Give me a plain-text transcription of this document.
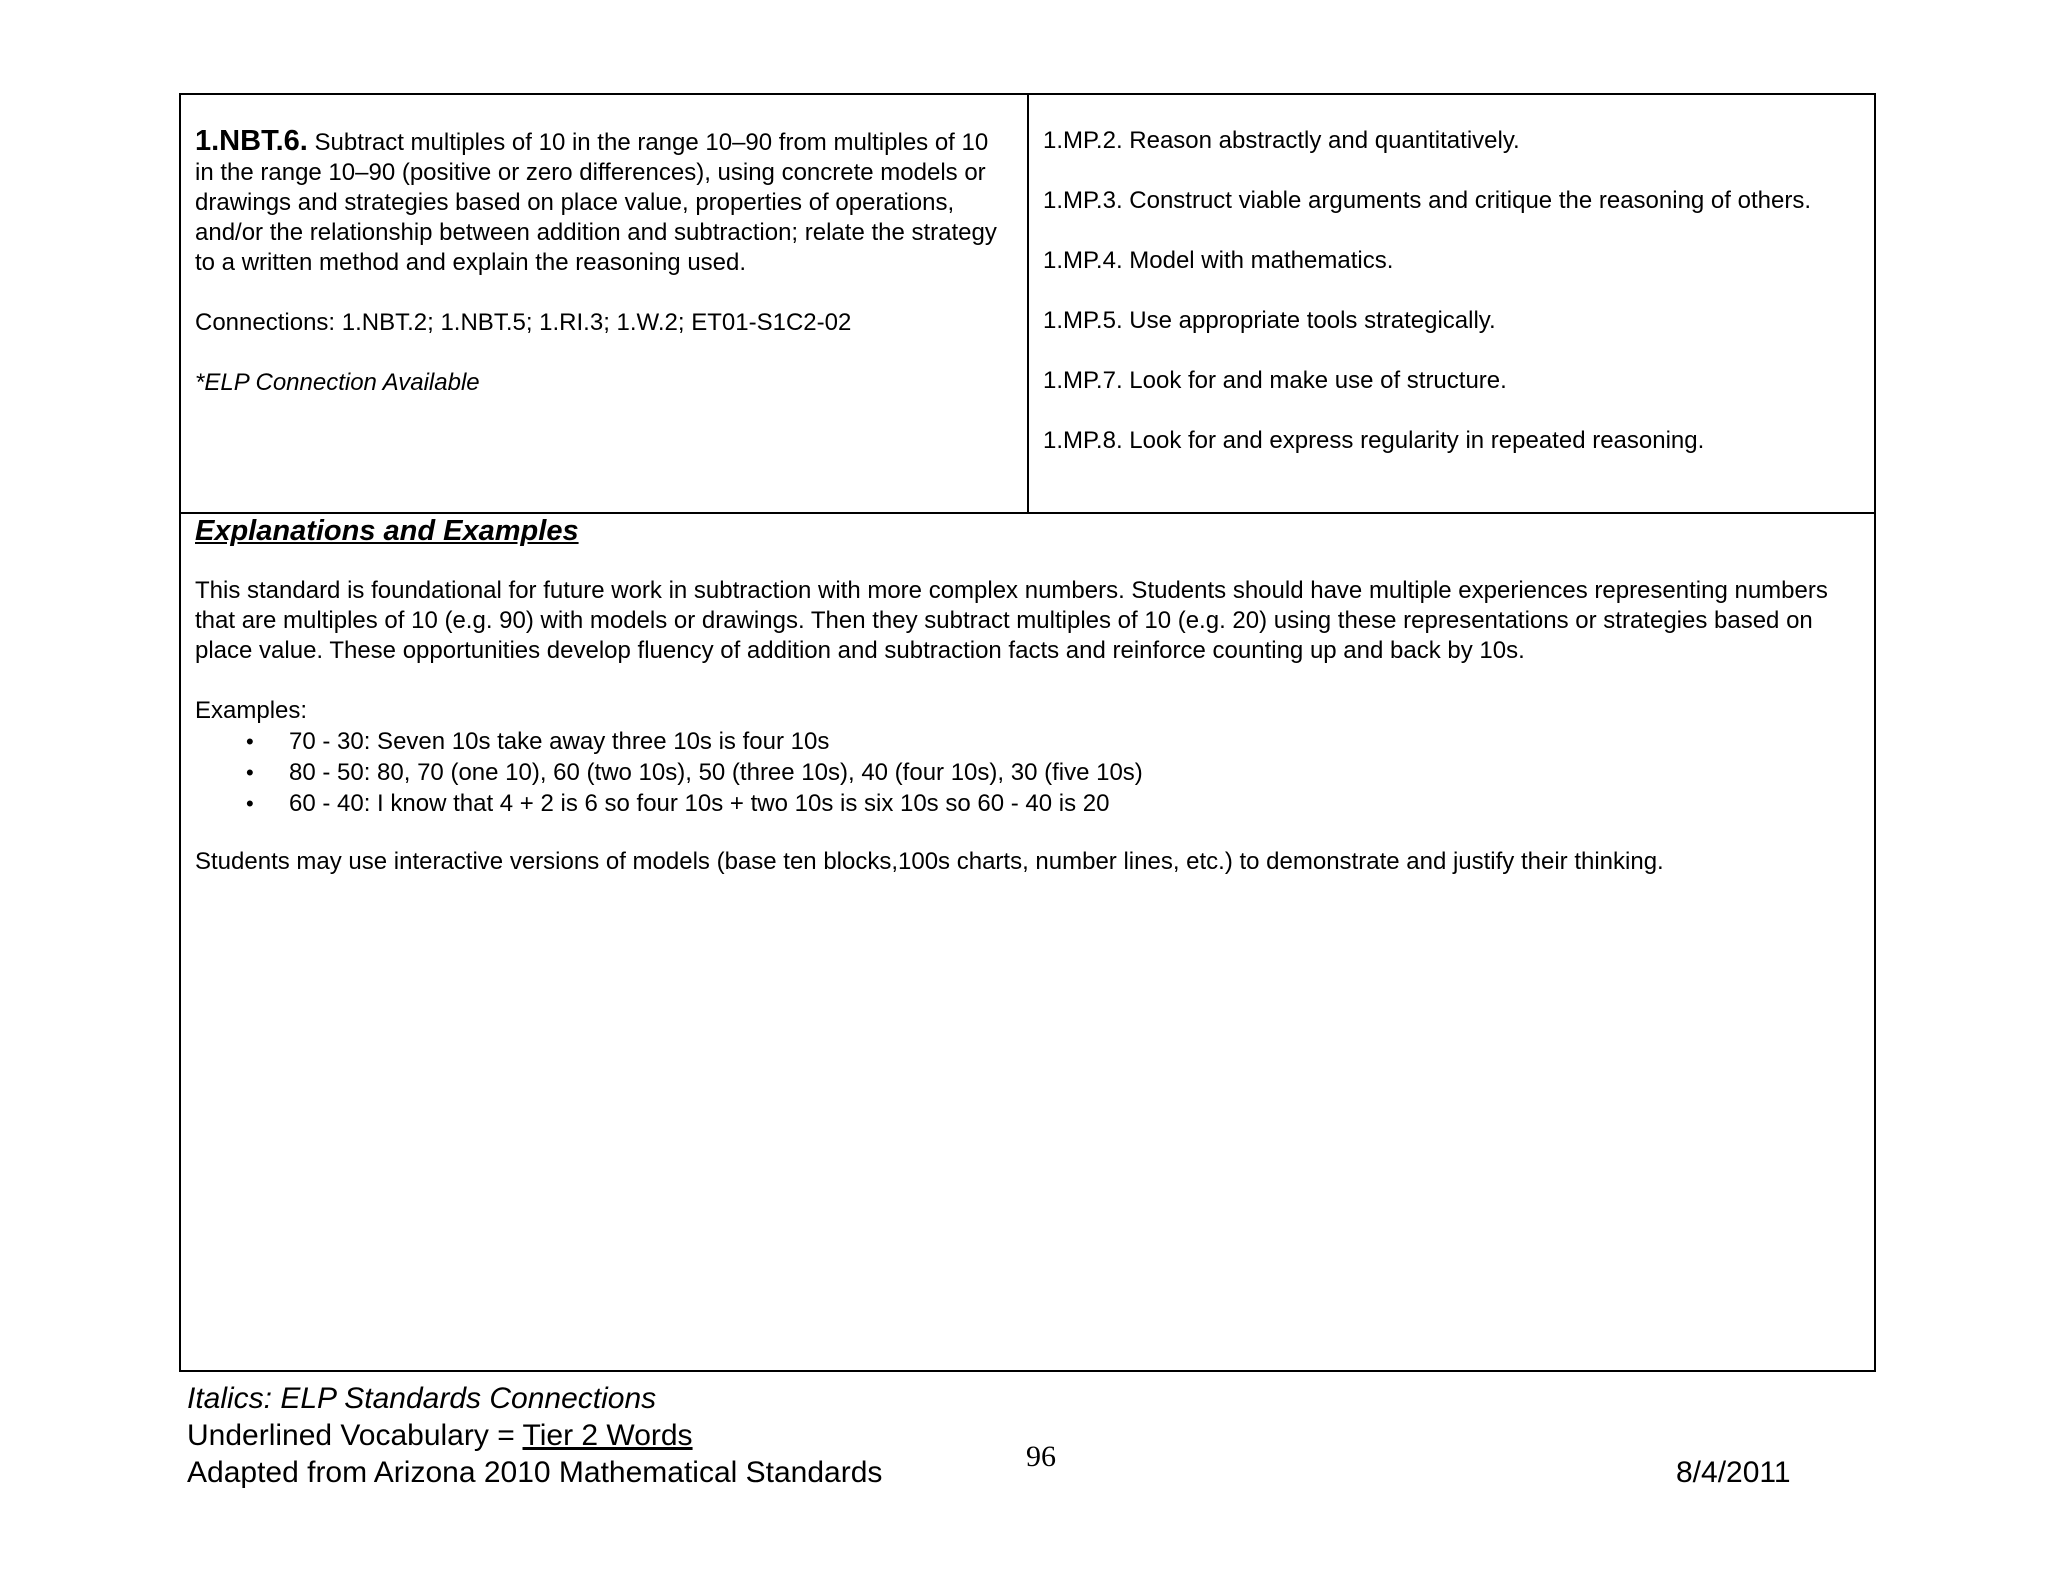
1.NBT.6. Subtract multiples of 10 in the range 10–90 from multiples of 10 in the range 10–90 (positive or zero differences), using concrete models or drawings and strategies based on place value, properties of operations, and/or the relationship between addition and subtraction; relate the strategy to a written method and explain the reasoning used.

Connections: 1.NBT.2; 1.NBT.5; 1.RI.3; 1.W.2; ET01-S1C2-02

*ELP Connection Available

1.MP.2. Reason abstractly and quantitatively.
1.MP.3. Construct viable arguments and critique the reasoning of others.
1.MP.4. Model with mathematics.
1.MP.5. Use appropriate tools strategically.
1.MP.7. Look for and make use of structure.
1.MP.8. Look for and express regularity in repeated reasoning.
Explanations and Examples

This standard is foundational for future work in subtraction with more complex numbers. Students should have multiple experiences representing numbers that are multiples of 10 (e.g. 90) with models or drawings. Then they subtract multiples of 10 (e.g. 20) using these representations or strategies based on place value. These opportunities develop fluency of addition and subtraction facts and reinforce counting up and back by 10s.

Examples:

• 70 - 30: Seven 10s take away three 10s is four 10s
• 80 - 50: 80, 70 (one 10), 60 (two 10s), 50 (three 10s), 40 (four 10s), 30 (five 10s)
• 60 - 40: I know that 4 + 2 is 6 so four 10s + two 10s is six 10s so 60 - 40 is 20

Students may use interactive versions of models (base ten blocks,100s charts, number lines, etc.) to demonstrate and justify their thinking.

Italics: ELP Standards Connections

Underlined Vocabulary = Tier 2 Words

Adapted from Arizona 2010 Mathematical Standards	96	8/4/2011
